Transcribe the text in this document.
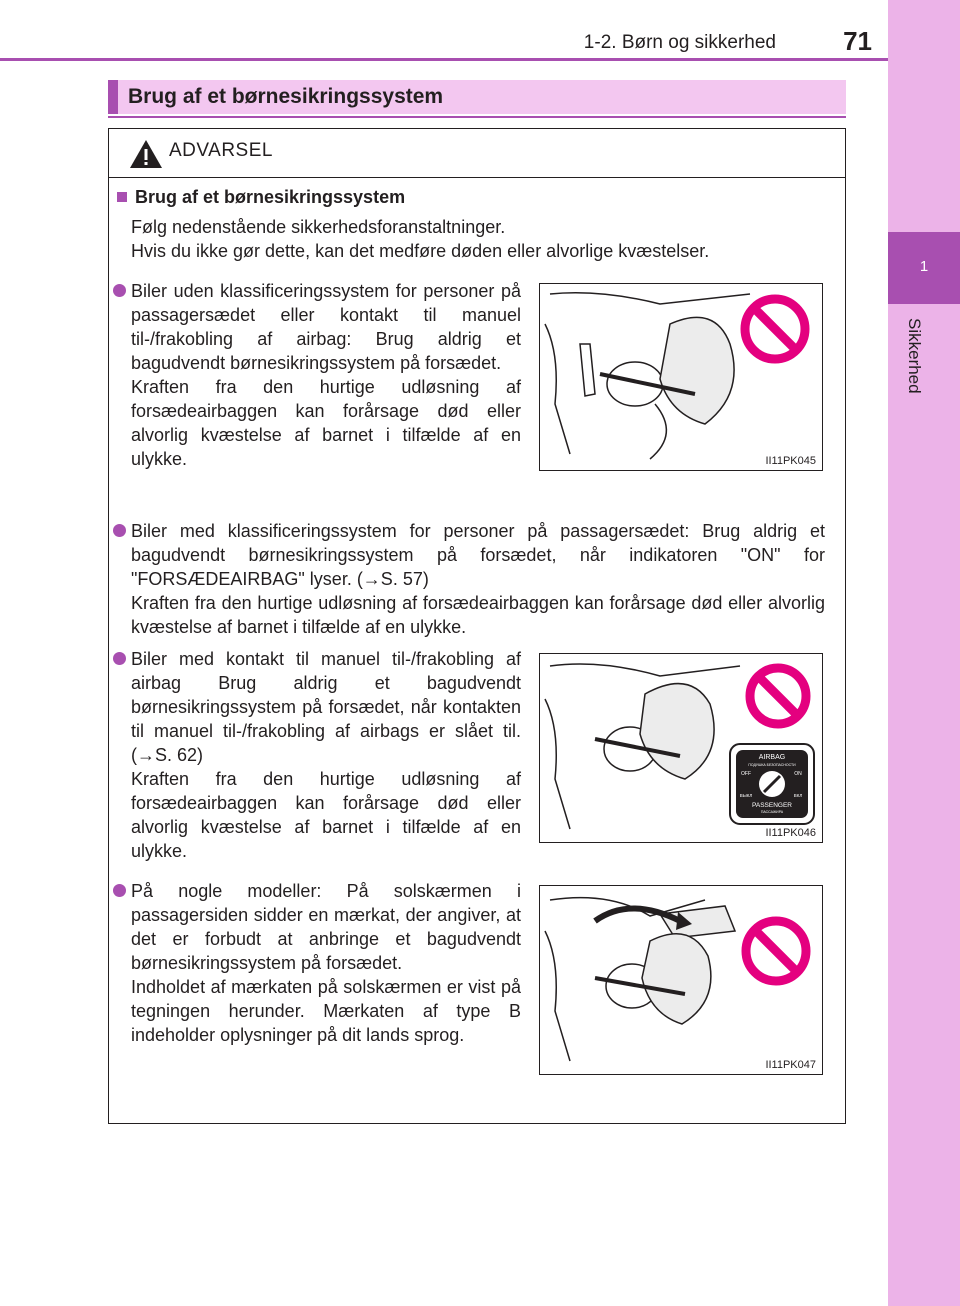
1
Sikkerhed
1-2. Børn og sikkerhed	71
Brug af et børnesikringssystem
ADVARSEL
Brug af et børnesikringssystem
Følg nedenstående sikkerhedsforanstaltninger.
Hvis du ikke gør dette, kan det medføre døden eller alvorlige kvæstelser.

Biler uden klassificeringssystem for personer på passagersædet eller kontakt til manuel til-/frakobling af airbag: Brug aldrig et bagudvendt børnesikringssystem på forsædet.

Kraften fra den hurtige udløsning af forsædeairbaggen kan forårsage død eller alvorlig kvæstelse af barnet i tilfælde af en ulykke.	II11PK045

Biler med klassificeringssystem for personer på passagersædet: Brug aldrig et bagudvendt børnesikringssystem på forsædet, når indikatoren "ON" for "FORSÆDEAIRBAG" lyser. (→S. 57)

Kraften fra den hurtige udløsning af forsædeairbaggen kan forårsage død eller alvorlig kvæstelse af barnet i tilfælde af en ulykke.

Biler med kontakt til manuel til-/frakobling af airbag Brug aldrig et bagudvendt børnesikringssystem på forsædet, når kontakten til manuel til-/frakobling af airbags er slået til. (→S. 62)

Kraften fra den hurtige udløsning af forsædeairbaggen kan forårsage død eller alvorlig kvæstelse af barnet i tilfælde af en ulykke.

AIRBAG
ПОДУШКА БЕЗОПАСНОСТИ
OFF	ON
ВЫКЛ	ВКЛ
PASSENGER
ПАССАЖИРА
II11PK046

På nogle modeller: På solskærmen i passagersiden sidder en mærkat, der angiver, at det er forbudt at anbringe et bagudvendt børnesikringssystem på forsædet.

Indholdet af mærkaten på solskærmen er vist på tegningen herunder. Mærkaten af type B indeholder oplysninger på dit lands sprog.

II11PK047
